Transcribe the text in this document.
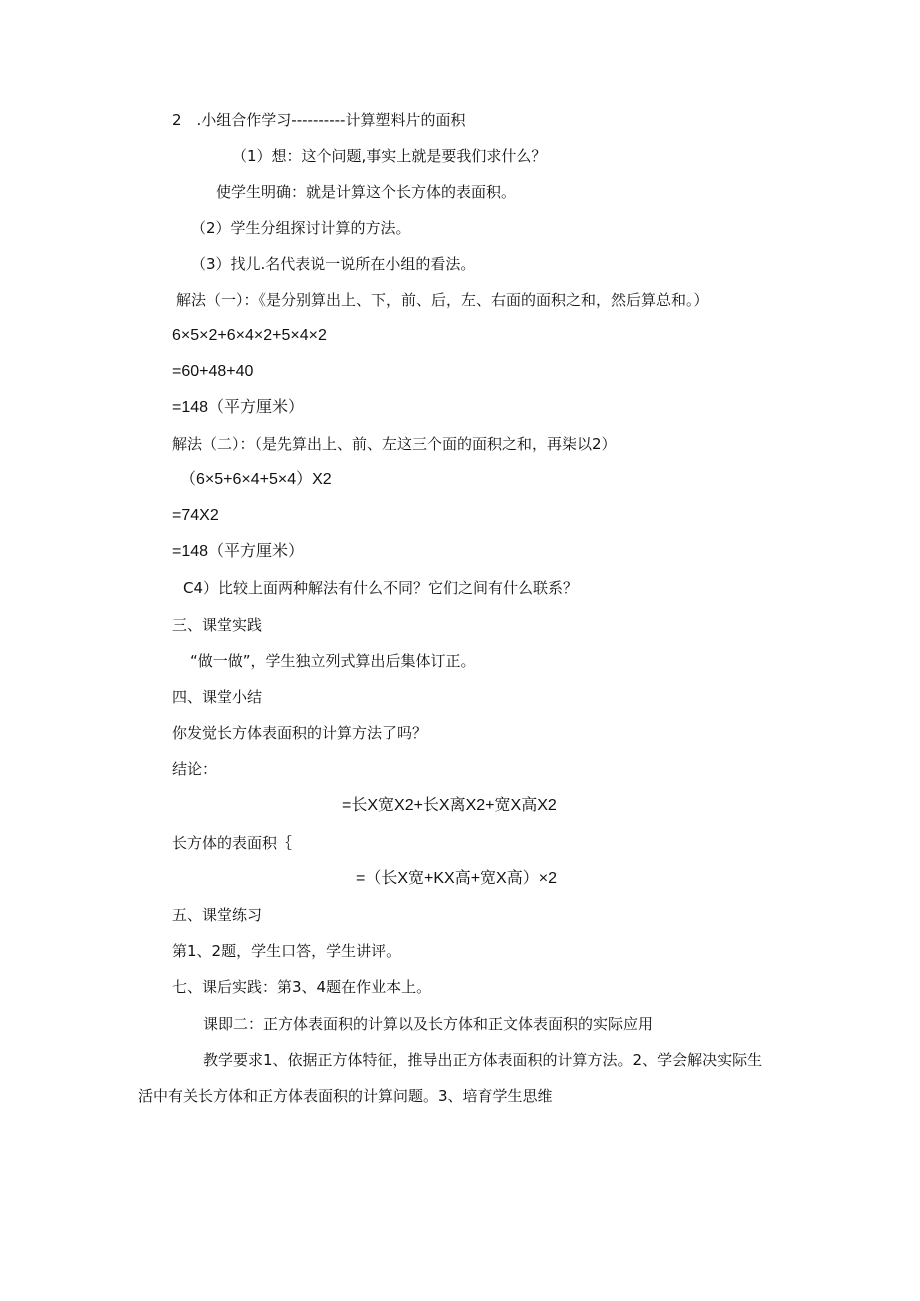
2　.小组合作学习----------计算塑料片的面积
（1）想：这个问题,事实上就是要我们求什么？
使学生明确：就是计算这个长方体的表面积。
（2）学生分组探讨计算的方法。
（3）找儿.名代表说一说所在小组的看法。
解法（一）：《是分别算出上、下，前、后，左、右面的面积之和，然后算总和。）
6×5×2+6×4×2+5×4×2
=60+48+40
=148（平方厘米）
解法（二）：（是先算出上、前、左这三个面的面积之和，再柒以2）
（6×5+6×4+5×4）X2
=74X2
=148（平方厘米）
C4）比较上面两种解法有什么不同？它们之间有什么联系？
三、课堂实践
“做一做”，学生独立列式算出后集体订正。
四、课堂小结
你发觉长方体表面积的计算方法了吗？
结论：
=长X宽X2+长X离X2+宽X高X2
长方体的表面积｛
=（长X宽+KX高+宽X高）×2
五、课堂练习
第1、2题，学生口答，学生讲评。
七、课后实践：第3、4题在作业本上。
课即二：正方体表面积的计算以及长方体和正文体表面积的实际应用
教学要求1、依据正方体特征，推导出正方体表面积的计算方法。2、学会解决实际生
活中有关长方体和正方体表面积的计算问题。3、培育学生思维
